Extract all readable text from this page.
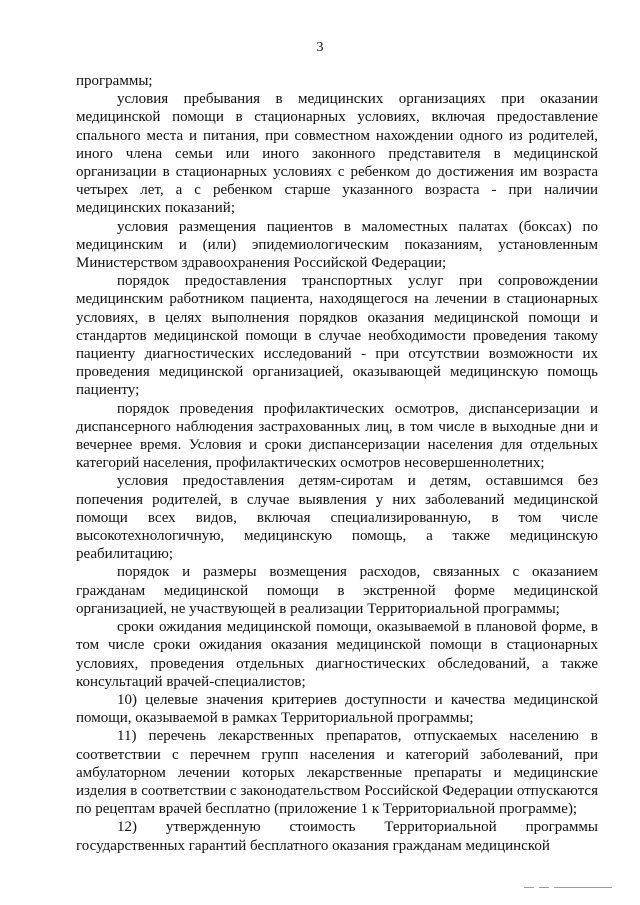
3

программы;

условия пребывания в медицинских организациях при оказании медицинской помощи в стационарных условиях, включая предоставление спального места и питания, при совместном нахождении одного из родителей, иного члена семьи или иного законного представителя в медицинской организации в стационарных условиях с ребенком до достижения им возраста четырех лет, а с ребенком старше указанного возраста - при наличии медицинских показаний;

условия размещения пациентов в маломестных палатах (боксах) по медицинским и (или) эпидемиологическим показаниям, установленным Министерством здравоохранения Российской Федерации;

порядок предоставления транспортных услуг при сопровождении медицинским работником пациента, находящегося на лечении в стационарных условиях, в целях выполнения порядков оказания медицинской помощи и стандартов медицинской помощи в случае необходимости проведения такому пациенту диагностических исследований - при отсутствии возможности их проведения медицинской организацией, оказывающей медицинскую помощь пациенту;

порядок проведения профилактических осмотров, диспансеризации и диспансерного наблюдения застрахованных лиц, в том числе в выходные дни и вечернее время. Условия и сроки диспансеризации населения для отдельных категорий населения, профилактических осмотров несовершеннолетних;

условия предоставления детям-сиротам и детям, оставшимся без попечения родителей, в случае выявления у них заболеваний медицинской помощи всех видов, включая специализированную, в том числе высокотехнологичную, медицинскую помощь, а также медицинскую реабилитацию;

порядок и размеры возмещения расходов, связанных с оказанием гражданам медицинской помощи в экстренной форме медицинской организацией, не участвующей в реализации Территориальной программы;

сроки ожидания медицинской помощи, оказываемой в плановой форме, в том числе сроки ожидания оказания медицинской помощи в стационарных условиях, проведения отдельных диагностических обследований, а также консультаций врачей-специалистов;

10) целевые значения критериев доступности и качества медицинской помощи, оказываемой в рамках Территориальной программы;

11) перечень лекарственных препаратов, отпускаемых населению в соответствии с перечнем групп населения и категорий заболеваний, при амбулаторном лечении которых лекарственные препараты и медицинские изделия в соответствии с законодательством Российской Федерации отпускаются по рецептам врачей бесплатно (приложение 1 к Территориальной программе);

12) утвержденную стоимость Территориальной программы государственных гарантий бесплатного оказания гражданам медицинской
